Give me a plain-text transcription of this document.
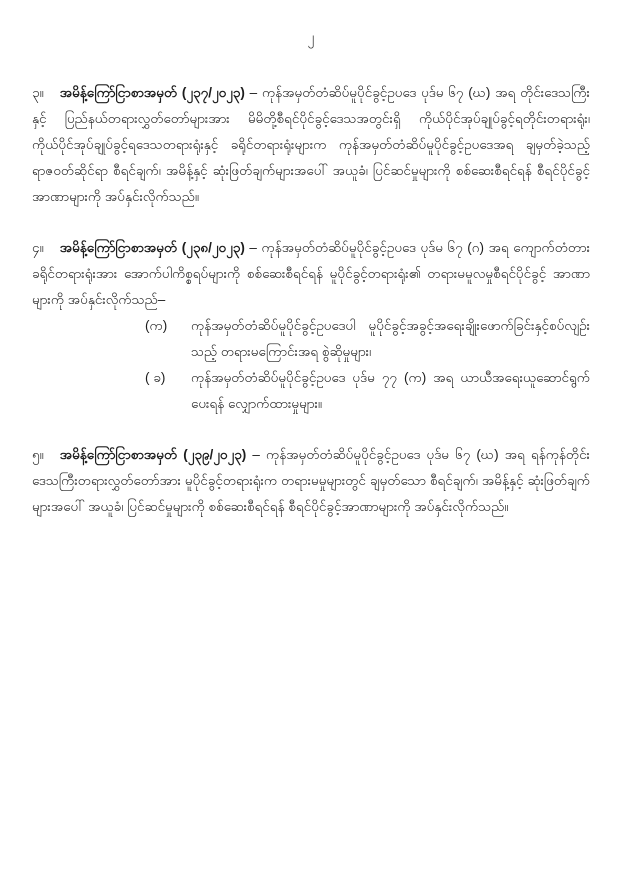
၂
၃။ အမိန့်ကြော်ငြာစာအမှတ် (၂၃၇/၂၀၂၃) – ကုန်အမှတ်တံဆိပ်မူပိုင်ခွင့်ဥပဒေ ပုဒ်မ ၆၇ (ဃ) အရ တိုင်းဒေသကြီးနှင့် ပြည်နယ်တရားလွှတ်တော်များအား မိမိတို့စီရင်ပိုင်ခွင့်ဒေသအတွင်းရှိ ကိုယ်ပိုင်အုပ်ချုပ်ခွင့်ရတိုင်းတရားရုံး၊ ကိုယ်ပိုင်အုပ်ချုပ်ခွင့်ရဒေသတရားရုံးနှင့် ခရိုင်တရားရုံးများက ကုန်အမှတ်တံဆိပ်မူပိုင်ခွင့်ဥပဒေအရ ချမှတ်ခဲ့သည့် ရာဇဝတ်ဆိုင်ရာ စီရင်ချက်၊ အမိန့်နှင့် ဆုံးဖြတ်ချက်များအပေါ် အယူခံ၊ ပြင်ဆင်မှုများကို စစ်ဆေးစီရင်ရန် စီရင်ပိုင်ခွင့်အာဏာများကို အပ်နှင်းလိုက်သည်။
၄။ အမိန့်ကြော်ငြာစာအမှတ် (၂၃၈/၂၀၂၃) – ကုန်အမှတ်တံဆိပ်မူပိုင်ခွင့်ဥပဒေ ပုဒ်မ ၆၇ (ဂ) အရ ကျောက်တံတားခရိုင်တရားရုံးအား အောက်ပါကိစ္စရပ်များကို စစ်ဆေးစီရင်ရန် မူပိုင်ခွင့်တရားရုံး၏ တရားမမူလမှုစီရင်ပိုင်ခွင့် အာဏာများကို အပ်နှင်းလိုက်သည်–
(က)	ကုန်အမှတ်တံဆိပ်မူပိုင်ခွင့်ဥပဒေပါ မူပိုင်ခွင့်အခွင့်အရေးချိုးဖောက်ခြင်းနှင့်စပ်လျဉ်းသည့် တရားမကြောင်းအရ စွဲဆိုမှုများ၊
( ခ)	ကုန်အမှတ်တံဆိပ်မူပိုင်ခွင့်ဥပဒေ ပုဒ်မ ၇၇ (က) အရ ယာယီအရေးယူဆောင်ရွက်ပေးရန် လျှောက်ထားမှုများ။
၅။ အမိန့်ကြော်ငြာစာအမှတ် (၂၃၉/၂၀၂၃) – ကုန်အမှတ်တံဆိပ်မူပိုင်ခွင့်ဥပဒေ ပုဒ်မ ၆၇ (ဃ) အရ ရန်ကုန်တိုင်းဒေသကြီးတရားလွှတ်တော်အား မူပိုင်ခွင့်တရားရုံးက တရားမမှုများတွင် ချမှတ်သော စီရင်ချက်၊ အမိန့်နှင့် ဆုံးဖြတ်ချက်များအပေါ် အယူခံ၊ ပြင်ဆင်မှုများကို စစ်ဆေးစီရင်ရန် စီရင်ပိုင်ခွင့်အာဏာများကို အပ်နှင်းလိုက်သည်။
